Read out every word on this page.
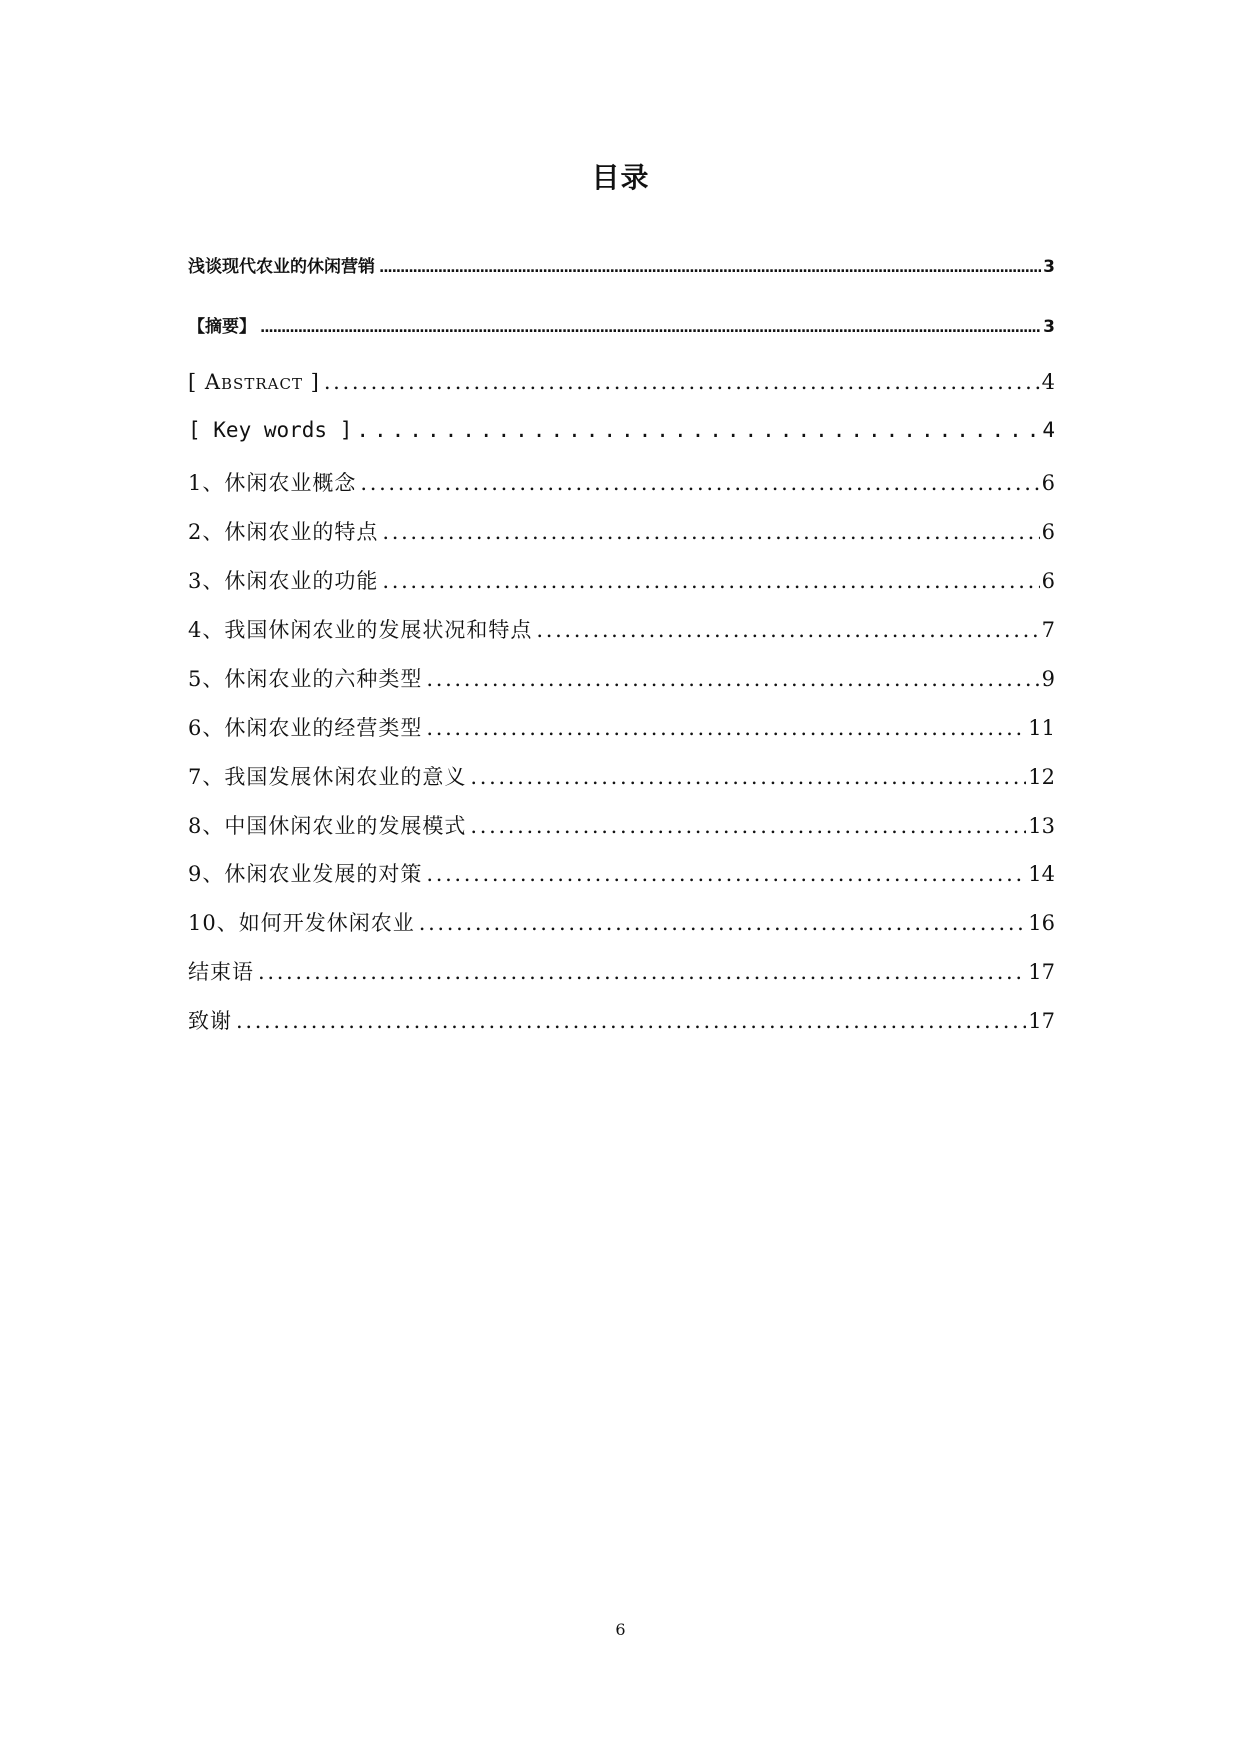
目录
浅谈现代农业的休闲营销 . . .	3
【摘要】 . . .	3
[ Abstract ] . . .	4
[ Key words ] .....	4
1、休闲农业概念 . . .	6
2、休闲农业的特点 . . .	6
3、休闲农业的功能 . . .	6
4、我国休闲农业的发展状况和特点 . . .	7
5、休闲农业的六种类型 . . .	9
6、休闲农业的经营类型 . . .	11
7、我国发展休闲农业的意义 . . .	12
8、中国休闲农业的发展模式 . . .	13
9、休闲农业发展的对策 . . .	14
10、如何开发休闲农业 . . .	16
结束语 . . .	17
致谢 . . .	17
6
